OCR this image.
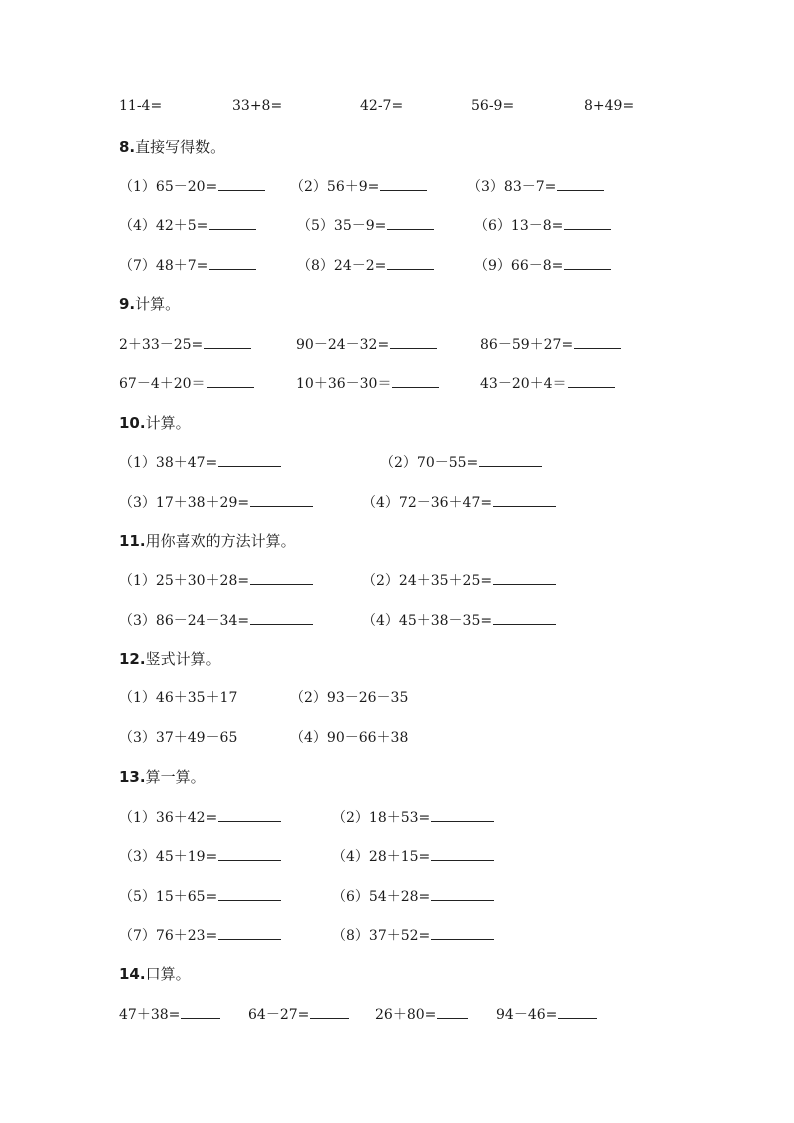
11-4=	33+8=	42-7=	56-9=	8+49=
8.直接写得数。
（1）65－20=	（2）56＋9=	（3）83－7=
（4）42＋5=	（5）35－9=	（6）13－8=
（7）48＋7=	（8）24－2=	（9）66－8=
9.计算。
2＋33－25=	90－24－32=	86－59＋27=
67－4＋20＝	10＋36－30＝	43－20＋4＝
10.计算。
（1）38＋47=	（2）70－55=
（3）17＋38＋29=	（4）72－36＋47=
11.用你喜欢的方法计算。
（1）25＋30＋28=	（2）24＋35＋25=
（3）86－24－34=	（4）45＋38－35=
12.竖式计算。
（1）46＋35＋17	（2）93－26－35
（3）37＋49－65	（4）90－66＋38
13.算一算。
（1）36＋42=	（2）18＋53=
（3）45＋19=	（4）28＋15=
（5）15＋65=	（6）54＋28=
（7）76＋23=	（8）37＋52=
14.口算。
47＋38=	64－27=	26＋80=	94－46=
